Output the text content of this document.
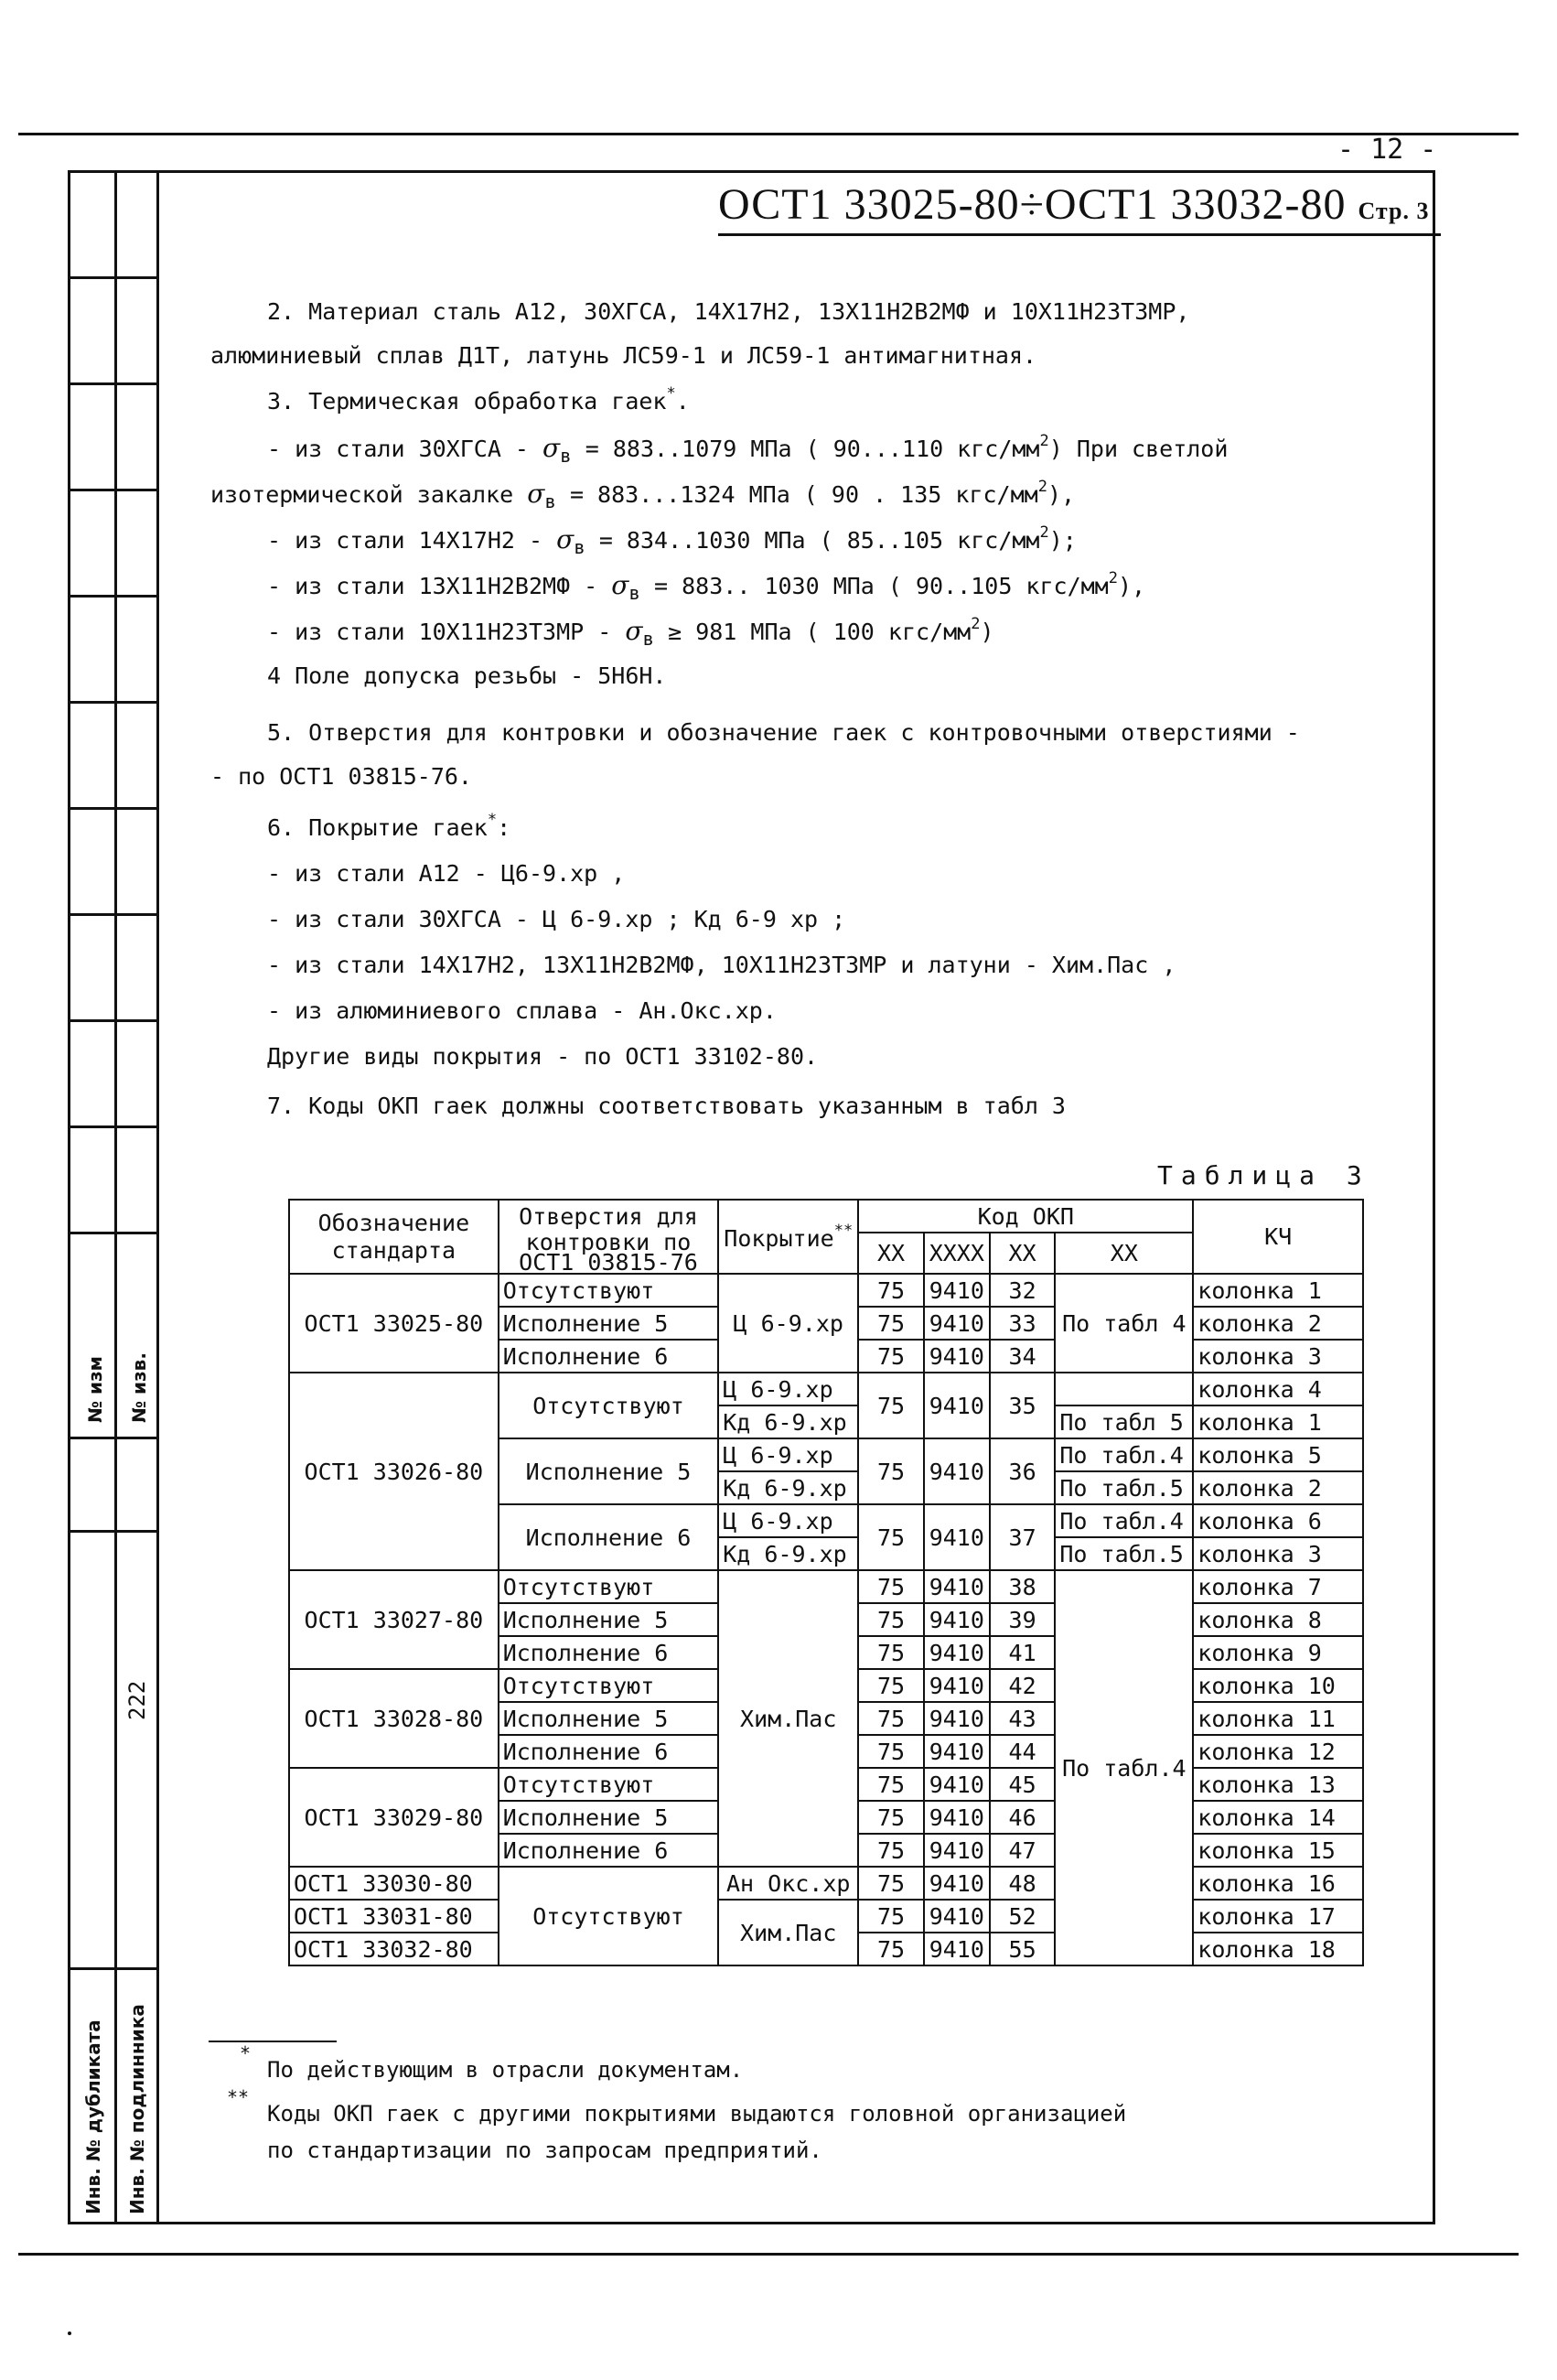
№ изм № изв.
222
Инв. № дубликата Инв. № подлинника
- 12 -
ОСТ1 33025-80÷ОСТ1 33032-80 Стр. 3

2. Материал сталь А12, 30ХГСА, 14Х17Н2, 13Х11Н2В2МФ и 10Х11Н23Т3МР,

алюминиевый сплав Д1Т, латунь ЛС59-1 и ЛС59-1 антимагнитная.

3. Термическая обработка гаек*.

- из стали 30ХГСА - $\sigma_в = 883..1079$ МПа ( 90...110 кгс/$мм^2$) При светлой

изотермической закалке $\sigma_в = 883...1324$ МПа ( 90 . 135 кгс/$мм^2$),

- из стали $14Х17Н2 - \sigma_в = 834..1030$ МПа ( 85..105 кгс/$мм^2$);

- из стали $13Х11Н2В2МФ - \sigma_в = 883$.. 1030 МПа ( 90..105 кгс/$мм^2$),

- из стали $10Х11Н23Т3МР - \sigma_в \ge 981$ МПа ( 100 кгс/$мм^2$)

4 Поле допуска резьбы - 5Н6Н.

5. Отверстия для контровки и обозначение гаек с контровочными отверстиями -

- по ОСТ1 03815-76.

6. Покрытие гаек*:

- из стали А12 - Ц6-9.хр ,

- из стали 30ХГСА - Ц 6-9.хр ; Кд 6-9 хр ;

- из стали 14Х17Н2, 13Х11Н2В2МФ, 10Х11Н23Т3МР и латуни - Хим.Пас ,

- из алюминиевого сплава - Ан.Окс.хр.

Другие виды покрытия - по ОСТ1 33102-80.

7. Коды ОКП гаек должны соответствовать указанным в табл 3

Таблица 3
Обозначение стандарта	Отверстия для	Покрытие**	Код ОКП				КЧ
	контровки по
ОСТ1 03815-76		ХХ	ХХХХ	ХХ	ХХ	
ОСТ1 33025-80	Отсутствуют	Ц 6-9.хр	75	9410	32	По табл 4	колонка 1
	Исполнение 5		75	9410	33		колонка 2
	Исполнение 6		75	9410	34		колонка 3
ОСТ1 33026-80	Отсутствуют	Ц 6-9.хр	75	9410	35		колонка 4
		Кд 6-9.хр				По табл 5	колонка 1
	Исполнение 5	Ц 6-9.хр	75	9410	36	По табл.4	колонка 5
		Кд 6-9.хр				По табл.5	колонка 2
	Исполнение 6	Ц 6-9.хр	75	9410	37	По табл.4	колонка 6
		Кд 6-9.хр				По табл.5	колонка 3
ОСТ1 33027-80	Отсутствуют	Хим.Пас	75	9410	38	По табл.4	колонка 7
	Исполнение 5		75	9410	39		колонка 8
	Исполнение 6		75	9410	41		колонка 9
ОСТ1 33028-80	Отсутствуют		75	9410	42		колонка 10
	Исполнение 5		75	9410	43		колонка 11
	Исполнение 6		75	9410	44		колонка 12
ОСТ1 33029-80	Отсутствуют		75	9410	45		колонка 13
	Исполнение 5		75	9410	46		колонка 14
	Исполнение 6		75	9410	47		колонка 15
ОСТ1 33030-80	Отсутствуют	Ан Окс.хр	75	9410	48		колонка 16
ОСТ1 33031-80		Хим.Пас	75	9410	52		колонка 17
ОСТ1 33032-80			75	9410	55		колонка 18
*
По действующим в отрасли документам.
**
Коды ОКП гаек с другими покрытиями выдаются головной организацией
по стандартизации по запросам предприятий.
